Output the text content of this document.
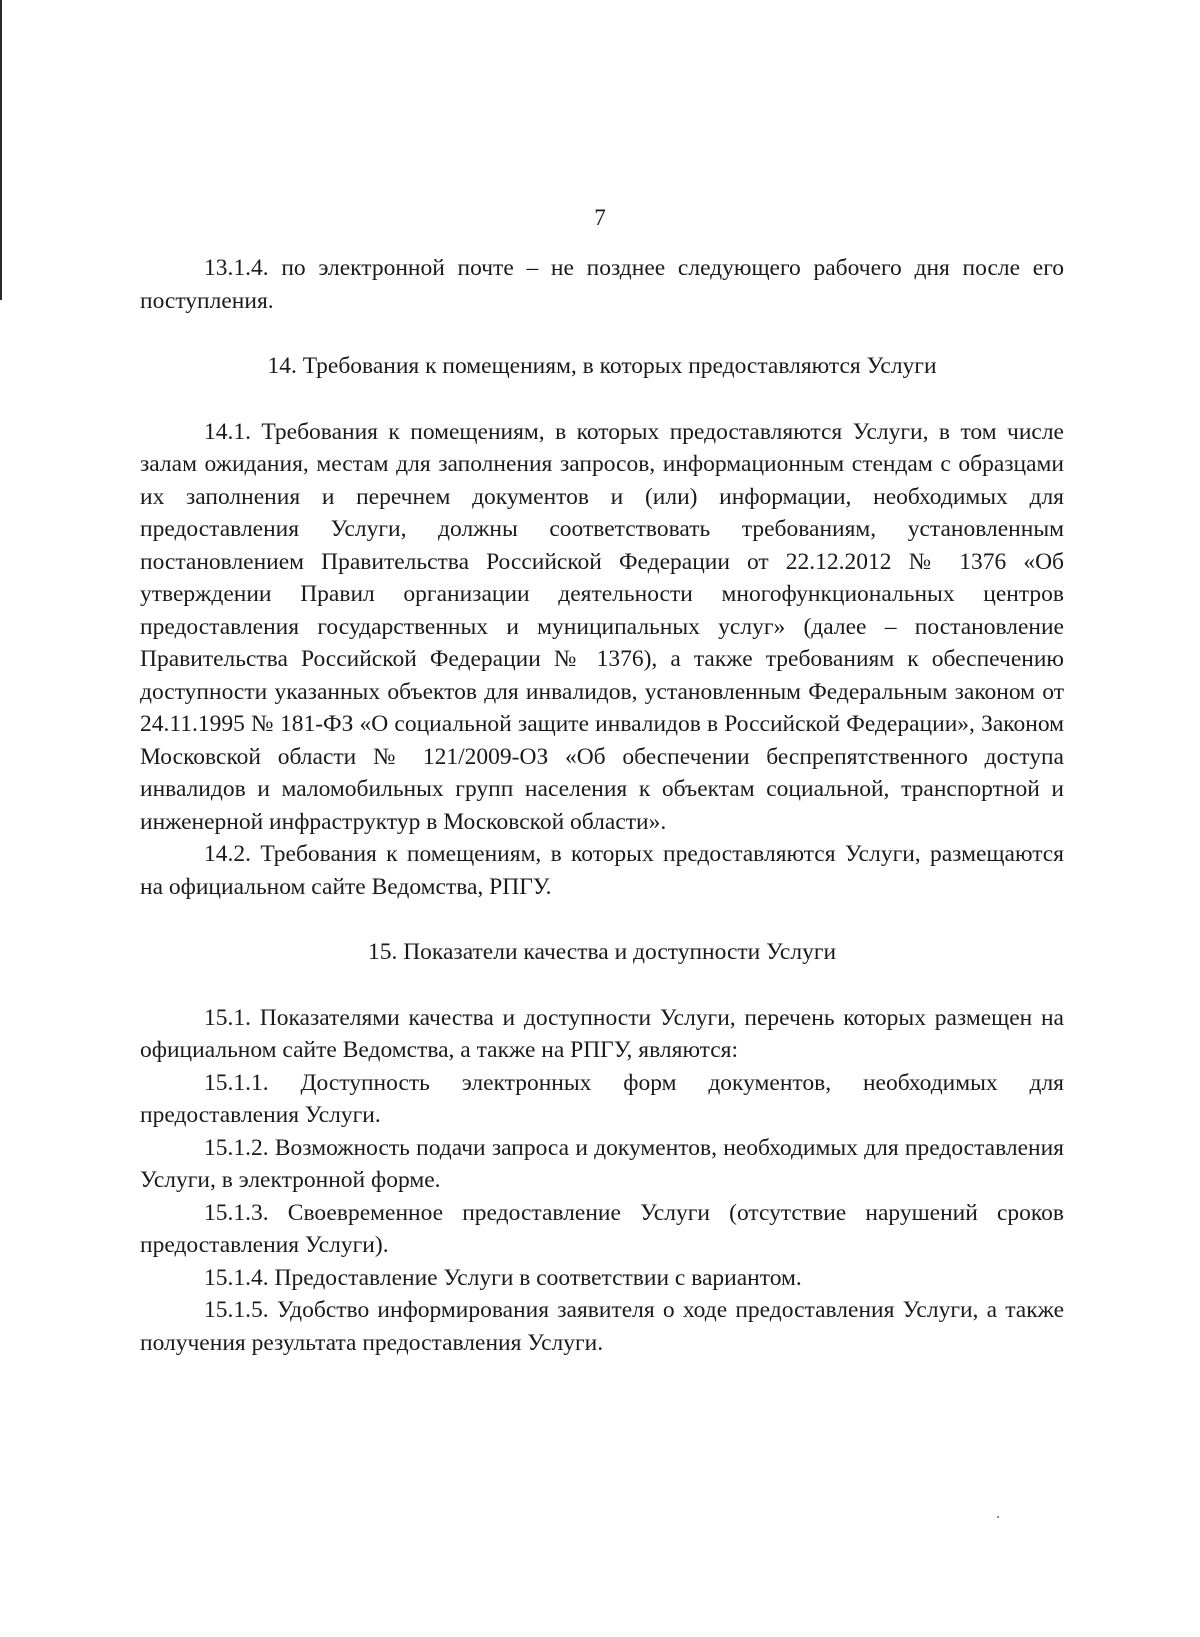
7

13.1.4. по электронной почте – не позднее следующего рабочего дня после его поступления.

14. Требования к помещениям, в которых предоставляются Услуги

14.1. Требования к помещениям, в которых предоставляются Услуги, в том числе залам ожидания, местам для заполнения запросов, информационным стендам с образцами их заполнения и перечнем документов и (или) информации, необходимых для предоставления Услуги, должны соответствовать требованиям, установленным постановлением Правительства Российской Федерации от 22.12.2012 № 1376 «Об утверждении Правил организации деятельности многофункциональных центров предоставления государственных и муниципальных услуг» (далее – постановление Правительства Российской Федерации № 1376), а также требованиям к обеспечению доступности указанных объектов для инвалидов, установленным Федеральным законом от 24.11.1995 № 181-ФЗ «О социальной защите инвалидов в Российской Федерации», Законом Московской области № 121/2009-ОЗ «Об обеспечении беспрепятственного доступа инвалидов и маломобильных групп населения к объектам социальной, транспортной и инженерной инфраструктур в Московской области».

14.2. Требования к помещениям, в которых предоставляются Услуги, размещаются на официальном сайте Ведомства, РПГУ.

15. Показатели качества и доступности Услуги

15.1. Показателями качества и доступности Услуги, перечень которых размещен на официальном сайте Ведомства, а также на РПГУ, являются:

15.1.1. Доступность электронных форм документов, необходимых для предоставления Услуги.

15.1.2. Возможность подачи запроса и документов, необходимых для предоставления Услуги, в электронной форме.

15.1.3. Своевременное предоставление Услуги (отсутствие нарушений сроков предоставления Услуги).

15.1.4. Предоставление Услуги в соответствии с вариантом.

15.1.5. Удобство информирования заявителя о ходе предоставления Услуги, а также получения результата предоставления Услуги.
